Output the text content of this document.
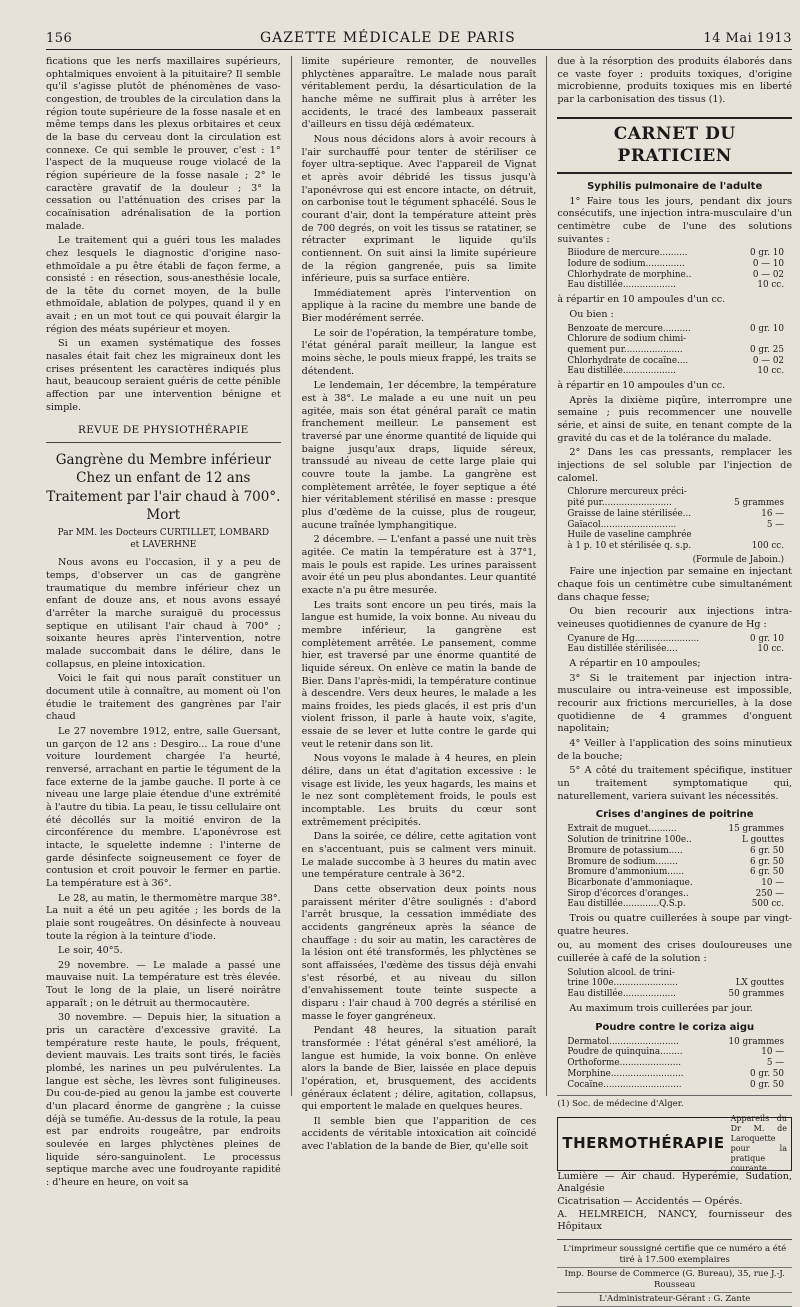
156	GAZETTE MÉDICALE DE PARIS	14 Mai 1913

fications que les nerfs maxillaires supérieurs, ophtalmiques envoient à la pituitaire? Il semble qu'il s'agisse plutôt de phénomènes de vaso-congestion, de troubles de la circulation dans la région toute supérieure de la fosse nasale et en même temps dans les plexus orbitaires et ceux de la base du cerveau dont la circulation est connexe. Ce qui semble le prouver, c'est : 1° l'aspect de la muqueuse rouge violacé de la région supérieure de la fosse nasale ; 2° le caractère gravatif de la douleur ; 3° la cessation ou l'atténuation des crises par la cocaïnisation adrénalisation de la portion malade.

Le traitement qui a guéri tous les malades chez lesquels le diagnostic d'origine naso-ethmoïdale a pu être établi de façon ferme, a consisté : en résection, sous-anesthésie locale, de la tête du cornet moyen, de la bulle ethmoïdale, ablation de polypes, quand il y en avait ; en un mot tout ce qui pouvait élargir la région des méats supérieur et moyen.

Si un examen systématique des fosses nasales était fait chez les migraineux dont les crises présentent les caractères indiqués plus haut, beaucoup seraient guéris de cette pénible affection par une intervention bénigne et simple.

REVUE DE PHYSIOTHÉRAPIE
Gangrène du Membre inférieur
Chez un enfant de 12 ans
Traitement par l'air chaud à 700°. Mort
Par MM. les Docteurs CURTILLET, LOMBARD
et LAVERHNE

Nous avons eu l'occasion, il y a peu de temps, d'observer un cas de gangrène traumatique du membre inférieur chez un enfant de douze ans, et nous avons essayé d'arrêter la marche suraiguë du processus septique en utilisant l'air chaud à 700° ; soixante heures après l'intervention, notre malade succombait dans le délire, dans le collapsus, en pleine intoxication.

Voici le fait qui nous paraît constituer un document utile à connaître, au moment où l'on étudie le traitement des gangrènes par l'air chaud

Le 27 novembre 1912, entre, salle Guersant, un garçon de 12 ans : Desgiro... La roue d'une voiture lourdement chargée l'a heurté, renversé, arrachant en partie le tégument de la face externe de la jambe gauche. Il porte à ce niveau une large plaie étendue d'une extrémité à l'autre du tibia. La peau, le tissu cellulaire ont été décollés sur la moitié environ de la circonférence du membre. L'aponévrose est intacte, le squelette indemne : l'interne de garde désinfecte soigneusement ce foyer de contusion et croit pouvoir le fermer en partie. La température est à 36°.

Le 28, au matin, le thermomètre marque 38°. La nuit a été un peu agitée ; les bords de la plaie sont rougeâtres. On désinfecte à nouveau toute la région à la teinture d'iode.

Le soir, 40°5.

29 novembre. — Le malade a passé une mauvaise nuit. La température est très élevée. Tout le long de la plaie, un liseré noirâtre apparaît ; on le détruit au thermocautère.

30 novembre. — Depuis hier, la situation a pris un caractère d'excessive gravité. La température reste haute, le pouls, fréquent, devient mauvais. Les traits sont tirés, le faciès plombé, les narines un peu pulvérulentes. La langue est sèche, les lèvres sont fuligineuses. Du cou-de-pied au genou la jambe est couverte d'un placard énorme de gangrène ; la cuisse déjà se tuméfie. Au-dessus de la rotule, la peau est par endroits rougeâtre, par endroits soulevée en larges phlyctènes pleines de liquide séro-sanguinolent. Le processus septique marche avec une foudroyante rapidité : d'heure en heure, on voit sa

limite supérieure remonter, de nouvelles phlyctènes apparaître. Le malade nous paraît véritablement perdu, la désarticulation de la hanche même ne suffirait plus à arrêter les accidents, le tracé des lambeaux passerait d'ailleurs en tissu déjà œdémateux.

Nous nous décidons alors à avoir recours à l'air surchauffé pour tenter de stériliser ce foyer ultra-septique. Avec l'appareil de Vignat et après avoir débridé les tissus jusqu'à l'aponévrose qui est encore intacte, on détruit, on carbonise tout le tégument sphacélé. Sous le courant d'air, dont la température atteint près de 700 degrés, on voit les tissus se ratatiner, se rétracter exprimant le liquide qu'ils contiennent. On suit ainsi la limite supérieure de la région gangrenée, puis sa limite inférieure, puis sa surface entière.

Immédiatement après l'intervention on applique à la racine du membre une bande de Bier modérément serrée.

Le soir de l'opération, la température tombe, l'état général paraît meilleur, la langue est moins sèche, le pouls mieux frappé, les traits se détendent.

Le lendemain, 1er décembre, la température est à 38°. Le malade a eu une nuit un peu agitée, mais son état général paraît ce matin franchement meilleur. Le pansement est traversé par une énorme quantité de liquide qui baigne jusqu'aux draps, liquide séreux, transsudé au niveau de cette large plaie qui couvre toute la jambe. La gangrène est complètement arrêtée, le foyer septique a été hier véritablement stérilisé en masse : presque plus d'œdème de la cuisse, plus de rougeur, aucune traînée lymphangitique.

2 décembre. — L'enfant a passé une nuit très agitée. Ce matin la température est à 37°1, mais le pouls est rapide. Les urines paraissent avoir été un peu plus abondantes. Leur quantité exacte n'a pu être mesurée.

Les traits sont encore un peu tirés, mais la langue est humide, la voix bonne. Au niveau du membre inférieur, la gangrène est complètement arrêtée. Le pansement, comme hier, est traversé par une énorme quantité de liquide séreux. On enlève ce matin la bande de Bier. Dans l'après-midi, la température continue à descendre. Vers deux heures, le malade a les mains froides, les pieds glacés, il est pris d'un violent frisson, il parle à haute voix, s'agite, essaie de se lever et lutte contre le garde qui veut le retenir dans son lit.

Nous voyons le malade à 4 heures, en plein délire, dans un état d'agitation excessive : le visage est livide, les yeux hagards, les mains et le nez sont complètement froids, le pouls est incomptable. Les bruits du cœur sont extrêmement précipités.

Dans la soirée, ce délire, cette agitation vont en s'accentuant, puis se calment vers minuit. Le malade succombe à 3 heures du matin avec une température centrale à 36°2.

Dans cette observation deux points nous paraissent mériter d'être soulignés : d'abord l'arrêt brusque, la cessation immédiate des accidents gangréneux après la séance de chauffage : du soir au matin, les caractères de la lésion ont été transformés, les phlyctènes se sont affaissées, l'œdème des tissus déjà envahi s'est résorbé, et au niveau du sillon d'envahissement toute teinte suspecte a disparu : l'air chaud à 700 degrés a stérilisé en masse le foyer gangréneux.

Pendant 48 heures, la situation paraît transformée : l'état général s'est amélioré, la langue est humide, la voix bonne. On enlève alors la bande de Bier, laissée en place depuis l'opération, et, brusquement, des accidents généraux éclatent ; délire, agitation, collapsus, qui emportent le malade en quelques heures.

Il semble bien que l'apparition de ces accidents de véritable intoxication ait coïncidé avec l'ablation de la bande de Bier, qu'elle soit

due à la résorption des produits élaborés dans ce vaste foyer : produits toxiques, d'origine microbienne, produits toxiques mis en liberté par la carbonisation des tissus (1).

CARNET DU PRATICIEN
Syphilis pulmonaire de l'adulte

1° Faire tous les jours, pendant dix jours consécutifs, une injection intra-musculaire d'un centimètre cube de l'une des solutions suivantes :

Biiodure de mercure..........	0 gr. 10
Iodure de sodium..............	0 — 10
Chlorhydrate de morphine..	0 — 02
Eau distillée...................	10 cc.

à répartir en 10 ampoules d'un cc.

Ou bien :

Benzoate de mercure..........	0 gr. 10
Chlorure de sodium chimi-
quement pur.....................	0 gr. 25
Chlorhydrate de cocaïne....	0 — 02
Eau distillée...................	10 cc.

à répartir en 10 ampoules d'un cc.

Après la dixième piqûre, interrompre une semaine ; puis recommencer une nouvelle série, et ainsi de suite, en tenant compte de la gravité du cas et de la tolérance du malade.

2° Dans les cas pressants, remplacer les injections de sel soluble par l'injection de calomel.

Chlorure mercureux préci-
pité pur.........................	5 grammes
Graisse de laine stérilisée...	16 —
Gaïacol...........................	5 —
Huile de vaseline camphrée
à 1 p. 10 et stérilisée q. s.p.	100 cc.
(Formule de Jaboin.)

Faire une injection par semaine en injectant chaque fois un centimètre cube simultanément dans chaque fesse;

Ou bien recourir aux injections intra-veineuses quotidiennes de cyanure de Hg :

Cyanure de Hg.......................	0 gr. 10
Eau distillée stérilisée....	10 cc.

A répartir en 10 ampoules;

3° Si le traitement par injection intra-musculaire ou intra-veineuse est impossible, recourir aux frictions mercurielles, à la dose quotidienne de 4 grammes d'onguent napolitain;

4° Veiller à l'application des soins minutieux de la bouche;

5° A côté du traitement spécifique, instituer un traitement symptomatique qui, naturellement, variera suivant les nécessités.

Crises d'angines de poitrine
Extrait de muguet..........	15 grammes
Solution de trinitrine 100e..	L gouttes
Bromure de potassium.....	6 gr. 50
Bromure de sodium........	6 gr. 50
Bromure d'ammonium......	6 gr. 50
Bicarbonate d'ammoniaque.	10 —
Sirop d'écorces d'oranges..	250 —
Eau distillée.............Q.S.p.	500 cc.

Trois ou quatre cuillerées à soupe par vingt-quatre heures.

ou, au moment des crises douloureuses une cuillerée à café de la solution :

Solution alcool. de trini-
trine 100e.......................	LX gouttes
Eau distillée...................	50 grammes

Au maximum trois cuillerées par jour.

Poudre contre le coriza aigu
Dermatol.........................	10 grammes
Poudre de quinquina........	10 —
Orthoforme......................	5 —
Morphine..........................	0 gr. 50
Cocaïne............................	0 gr. 50
(1) Soc. de médecine d'Alger.
THERMOTHÉRAPIE
Appareils du Dr M. de Laroquette
pour la pratique courante
Lumière — Air chaud. Hyperémie, Sudation, Analgésie
Cicatrisation — Accidentés — Opérés.
A. HELMREICH, NANCY, fournisseur des Hôpitaux
L'imprimeur soussigné certifie que ce numéro a été tiré à 17.500 exemplaires
Imp. Bourse de Commerce (G. Bureau), 35, rue J.-J. Rousseau
L'Administrateur-Gérant : G. Zante
